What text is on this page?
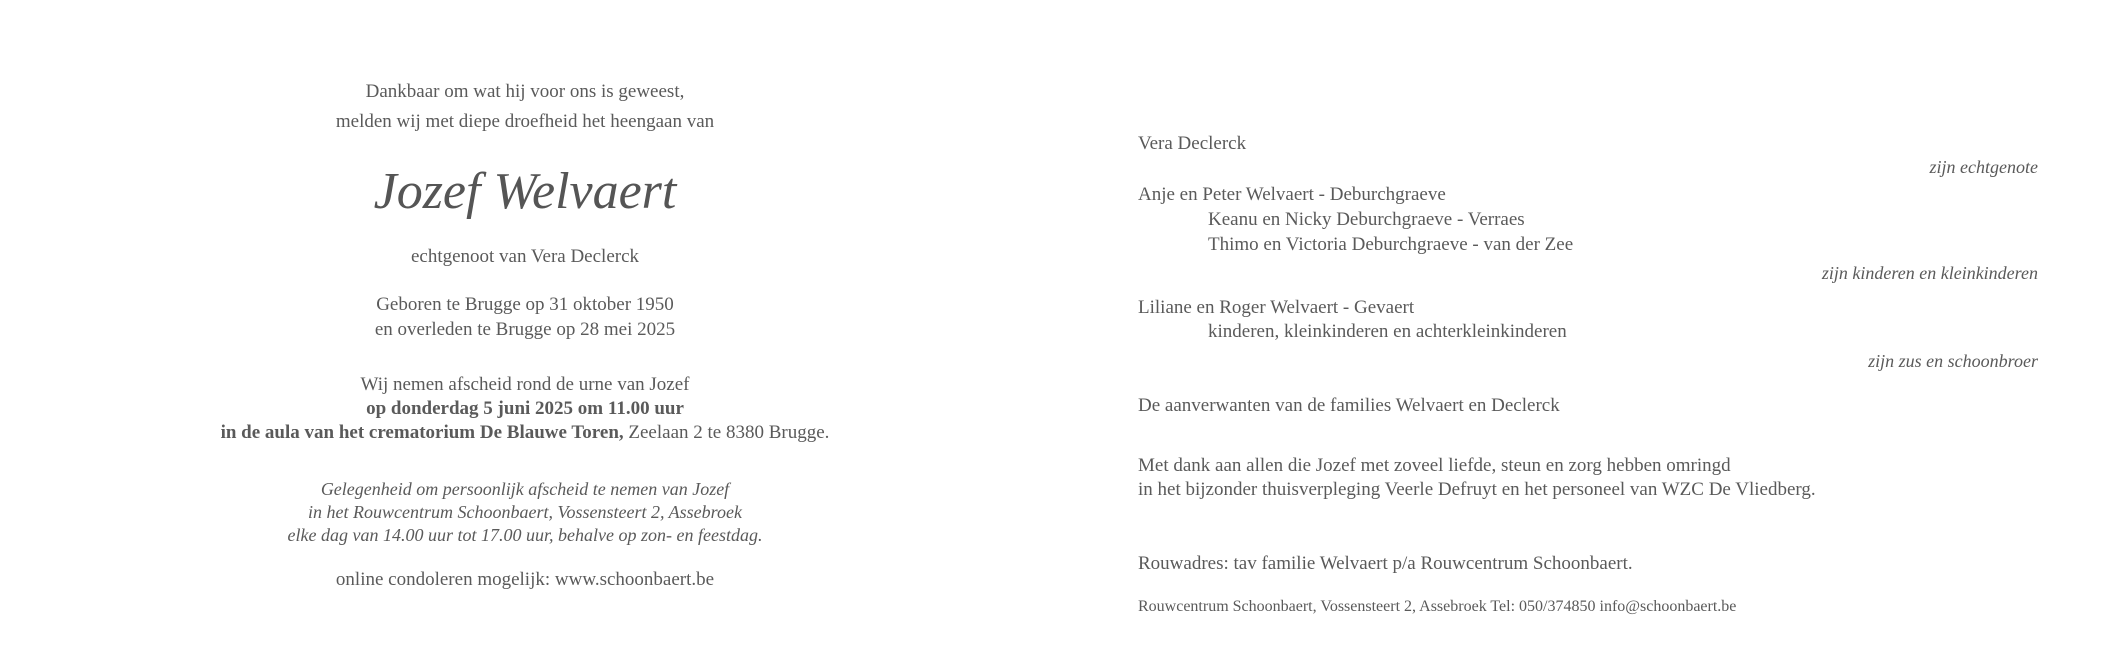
Dankbaar om wat hij voor ons is geweest,
melden wij met diepe droefheid het heengaan van
Jozef Welvaert
echtgenoot van Vera Declerck
Geboren te Brugge op 31 oktober 1950
en overleden te Brugge op 28 mei 2025
Wij nemen afscheid rond de urne van Jozef
op donderdag 5 juni 2025 om 11.00 uur
in de aula van het crematorium De Blauwe Toren, Zeelaan 2 te 8380 Brugge.
Gelegenheid om persoonlijk afscheid te nemen van Jozef
in het Rouwcentrum Schoonbaert, Vossensteert 2, Assebroek
elke dag van 14.00 uur tot 17.00 uur, behalve op zon- en feestdag.
online condoleren mogelijk: www.schoonbaert.be
Vera Declerck
zijn echtgenote
Anje en Peter Welvaert - Deburchgraeve
Keanu en Nicky Deburchgraeve - Verraes
Thimo en Victoria Deburchgraeve - van der Zee
zijn kinderen en kleinkinderen
Liliane en Roger Welvaert - Gevaert
kinderen, kleinkinderen en achterkleinkinderen
zijn zus en schoonbroer
De aanverwanten van de families Welvaert en Declerck
Met dank aan allen die Jozef met zoveel liefde, steun en zorg hebben omringd
in het bijzonder thuisverpleging Veerle Defruyt en het personeel van WZC De Vliedberg.
Rouwadres: tav familie Welvaert p/a Rouwcentrum Schoonbaert.
Rouwcentrum Schoonbaert, Vossensteert 2, Assebroek Tel: 050/374850 info@schoonbaert.be
